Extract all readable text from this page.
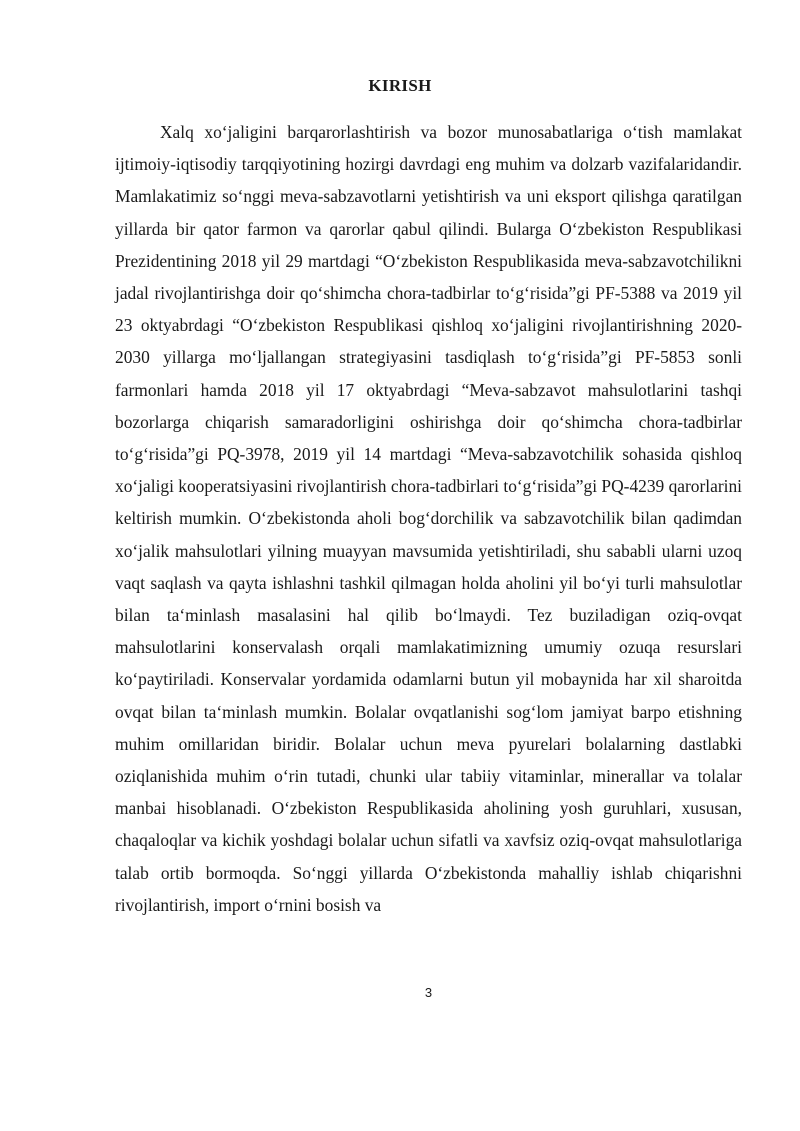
KIRISH

Xalq xo‘jaligini barqarorlashtirish va bozor munosabatlariga o‘tish mamlakat ijtimoiy-iqtisodiy tarqqiyotining hozirgi davrdagi eng muhim va dolzarb vazifalaridandir. Mamlakatimiz so‘nggi meva-sabzavotlarni yetishtirish va uni eksport qilishga qaratilgan yillarda bir qator farmon va qarorlar qabul qilindi. Bularga O‘zbekiston Respublikasi Prezidentining 2018 yil 29 martdagi “O‘zbekiston Respublikasida meva-sabzavotchilikni jadal rivojlantirishga doir qo‘shimcha chora-tadbirlar to‘g‘risida”gi PF-5388 va 2019 yil 23 oktyabrdagi “O‘zbekiston Respublikasi qishloq xo‘jaligini rivojlantirishning 2020-2030 yillarga mo‘ljallangan strategiyasini tasdiqlash to‘g‘risida”gi PF-5853 sonli farmonlari hamda 2018 yil 17 oktyabrdagi “Meva-sabzavot mahsulotlarini tashqi bozorlarga chiqarish samaradorligini oshirishga doir qo‘shimcha chora-tadbirlar to‘g‘risida”gi PQ-3978, 2019 yil 14 martdagi “Meva-sabzavotchilik sohasida qishloq xo‘jaligi kooperatsiyasini rivojlantirish chora-tadbirlari to‘g‘risida”gi PQ-4239 qarorlarini keltirish mumkin. O‘zbekistonda aholi bog‘dorchilik va sabzavotchilik bilan qadimdan xo‘jalik mahsulotlari yilning muayyan mavsumida yetishtiriladi, shu sababli ularni uzoq vaqt saqlash va qayta ishlashni tashkil qilmagan holda aholini yil bo‘yi turli mahsulotlar bilan ta‘minlash masalasini hal qilib bo‘lmaydi. Tez buziladigan oziq-ovqat mahsulotlarini konservalash orqali mamlakatimizning umumiy ozuqa resurslari ko‘paytiriladi. Konservalar yordamida odamlarni butun yil mobaynida har xil sharoitda ovqat bilan ta‘minlash mumkin. Bolalar ovqatlanishi sog‘lom jamiyat barpo etishning muhim omillaridan biridir. Bolalar uchun meva pyurelari bolalarning dastlabki oziqlanishida muhim o‘rin tutadi, chunki ular tabiiy vitaminlar, minerallar va tolalar manbai hisoblanadi. O‘zbekiston Respublikasida aholining yosh guruhlari, xususan, chaqaloqlar va kichik yoshdagi bolalar uchun sifatli va xavfsiz oziq-ovqat mahsulotlariga talab ortib bormoqda. So‘nggi yillarda O‘zbekistonda mahalliy ishlab chiqarishni rivojlantirish, import o‘rnini bosish va

3
